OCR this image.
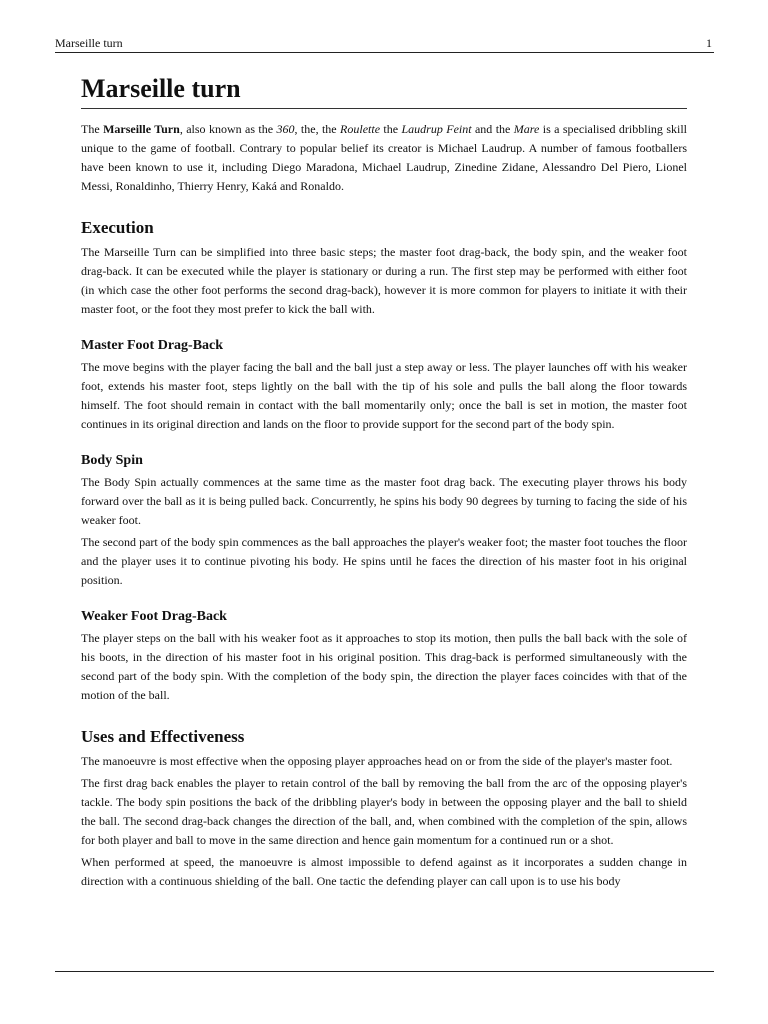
Marseille turn	1
Marseille turn

The Marseille Turn, also known as the 360, the, the Roulette the Laudrup Feint and the Mare is a specialised dribbling skill unique to the game of football. Contrary to popular belief its creator is Michael Laudrup. A number of famous footballers have been known to use it, including Diego Maradona, Michael Laudrup, Zinedine Zidane, Alessandro Del Piero, Lionel Messi, Ronaldinho, Thierry Henry, Kaká and Ronaldo.

Execution

The Marseille Turn can be simplified into three basic steps; the master foot drag-back, the body spin, and the weaker foot drag-back. It can be executed while the player is stationary or during a run. The first step may be performed with either foot (in which case the other foot performs the second drag-back), however it is more common for players to initiate it with their master foot, or the foot they most prefer to kick the ball with.

Master Foot Drag-Back

The move begins with the player facing the ball and the ball just a step away or less. The player launches off with his weaker foot, extends his master foot, steps lightly on the ball with the tip of his sole and pulls the ball along the floor towards himself. The foot should remain in contact with the ball momentarily only; once the ball is set in motion, the master foot continues in its original direction and lands on the floor to provide support for the second part of the body spin.

Body Spin

The Body Spin actually commences at the same time as the master foot drag back. The executing player throws his body forward over the ball as it is being pulled back. Concurrently, he spins his body 90 degrees by turning to facing the side of his weaker foot.

The second part of the body spin commences as the ball approaches the player's weaker foot; the master foot touches the floor and the player uses it to continue pivoting his body. He spins until he faces the direction of his master foot in his original position.

Weaker Foot Drag-Back

The player steps on the ball with his weaker foot as it approaches to stop its motion, then pulls the ball back with the sole of his boots, in the direction of his master foot in his original position. This drag-back is performed simultaneously with the second part of the body spin. With the completion of the body spin, the direction the player faces coincides with that of the motion of the ball.

Uses and Effectiveness

The manoeuvre is most effective when the opposing player approaches head on or from the side of the player's master foot.

The first drag back enables the player to retain control of the ball by removing the ball from the arc of the opposing player's tackle. The body spin positions the back of the dribbling player's body in between the opposing player and the ball to shield the ball. The second drag-back changes the direction of the ball, and, when combined with the completion of the spin, allows for both player and ball to move in the same direction and hence gain momentum for a continued run or a shot.

When performed at speed, the manoeuvre is almost impossible to defend against as it incorporates a sudden change in direction with a continuous shielding of the ball. One tactic the defending player can call upon is to use his body
